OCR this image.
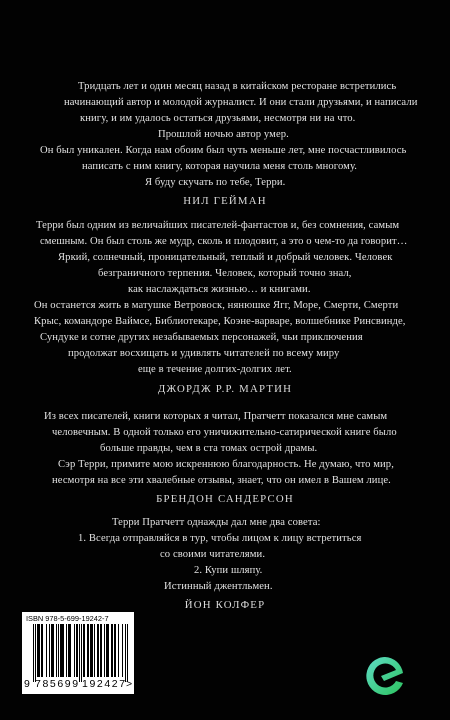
Тридцать лет и один месяц назад в китайском ресторане встретились
начинающий автор и молодой журналист. И они стали друзьями, и написали
книгу, и им удалось остаться друзьями, несмотря ни на что.
Прошлой ночью автор умер.
Он был уникален. Когда нам обоим был чуть меньше лет, мне посчастливилось
написать с ним книгу, которая научила меня столь многому.
Я буду скучать по тебе, Терри.
НИЛ ГЕЙМАН
Терри был одним из величайших писателей-фантастов и, без сомнения, самым
смешным. Он был столь же мудр, сколь и плодовит, а это о чем-то да говорит…
Яркий, солнечный, проницательный, теплый и добрый человек. Человек
безграничного терпения. Человек, который точно знал,
как наслаждаться жизнью… и книгами.
Он останется жить в матушке Ветровоск, нянюшке Ягг, Море, Смерти, Смерти
Крыс, командоре Ваймсе, Библиотекаре, Коэне-варваре, волшебнике Ринсвинде,
Сундуке и сотне других незабываемых персонажей, чьи приключения
продолжат восхищать и удивлять читателей по всему миру
еще в течение долгих-долгих лет.
ДЖОРДЖ Р.Р. МАРТИН
Из всех писателей, книги которых я читал, Пратчетт показался мне самым
человечным. В одной только его уничижительно-сатирической книге было
больше правды, чем в ста томах острой драмы.
Сэр Терри, примите мою искреннюю благодарность. Не думаю, что мир,
несмотря на все эти хвалебные отзывы, знает, что он имел в Вашем лице.
БРЕНДОН САНДЕРСОН
Терри Пратчетт однажды дал мне два совета:
1. Всегда отправляйся в тур, чтобы лицом к лицу встретиться
со своими читателями.
2. Купи шляпу.
Истинный джентльмен.
ЙОН КОЛФЕР
ISBN 978-5-699-19242-7
9 785699 192427 >
